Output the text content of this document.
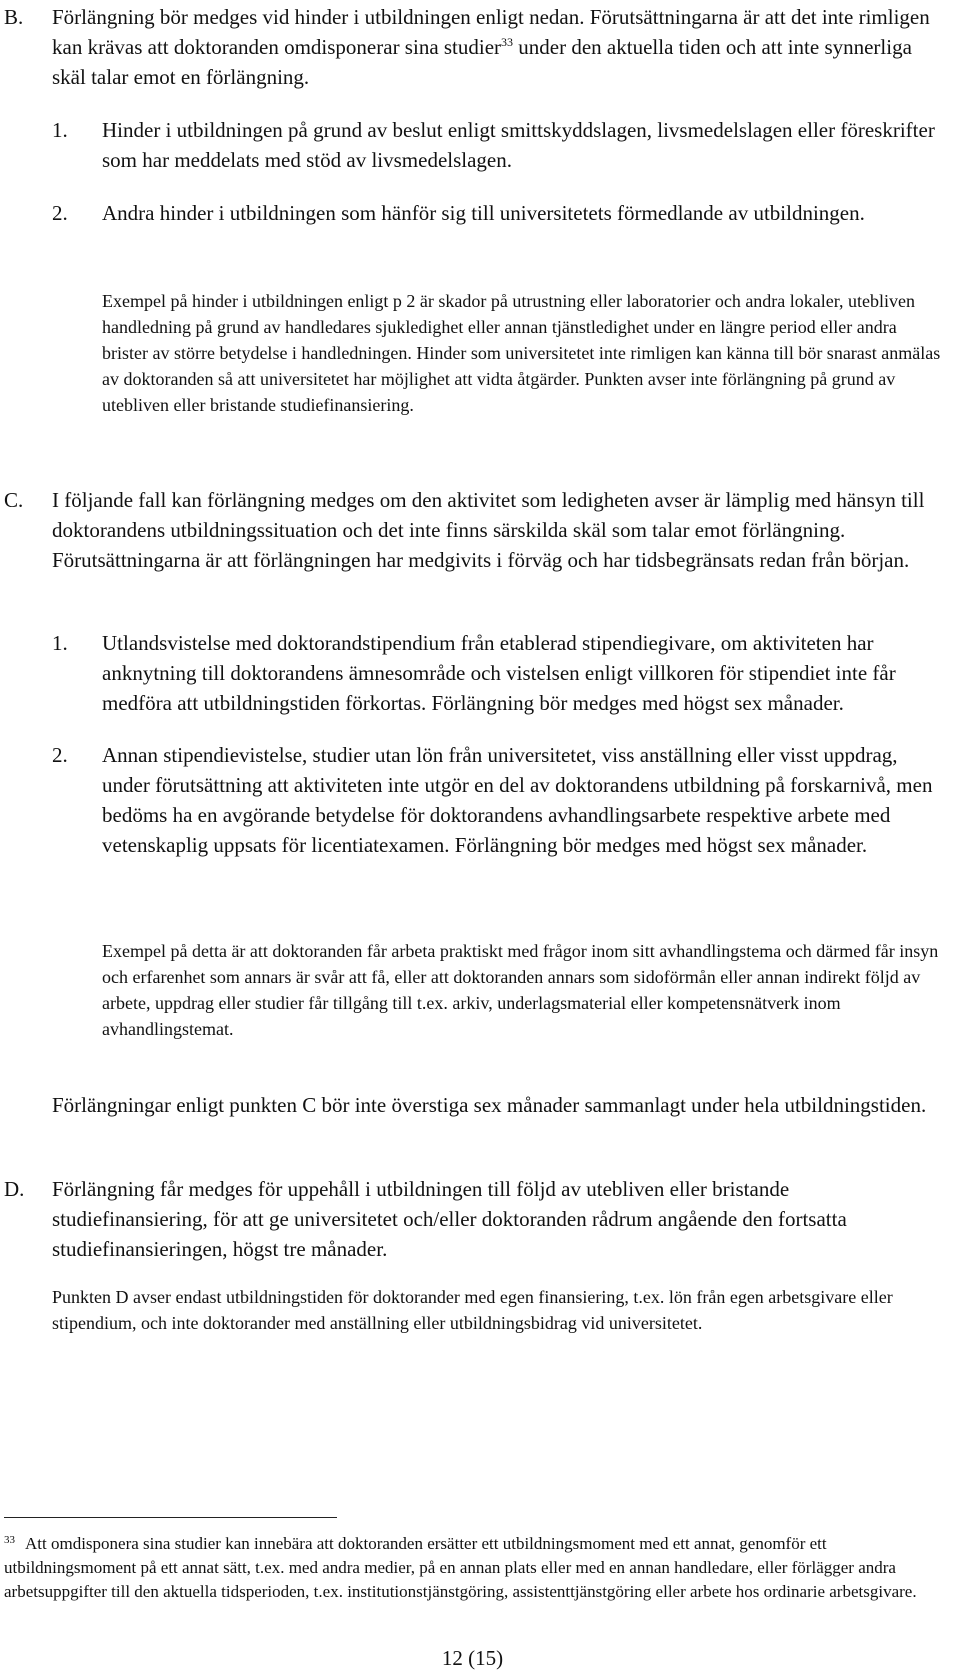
B. Förlängning bör medges vid hinder i utbildningen enligt nedan. Förutsättningarna är att det inte rimligen kan krävas att doktoranden omdisponerar sina studier$^{33}$ under den aktuella tiden och att inte synnerliga skäl talar emot en förlängning.
1. Hinder i utbildningen på grund av beslut enligt smittskyddslagen, livsmedelslagen eller föreskrifter som har meddelats med stöd av livsmedelslagen.
2. Andra hinder i utbildningen som hänför sig till universitetets förmedlande av utbildningen.
Exempel på hinder i utbildningen enligt p 2 är skador på utrustning eller laboratorier och andra lokaler, utebliven handledning på grund av handledares sjukledighet eller annan tjänstledighet under en längre period eller andra brister av större betydelse i handledningen. Hinder som universitetet inte rimligen kan känna till bör snarast anmälas av doktoranden så att universitetet har möjlighet att vidta åtgärder. Punkten avser inte förlängning på grund av utebliven eller bristande studiefinansiering.
C. I följande fall kan förlängning medges om den aktivitet som ledigheten avser är lämplig med hänsyn till doktorandens utbildningssituation och det inte finns särskilda skäl som talar emot förlängning. Förutsättningarna är att förlängningen har medgivits i förväg och har tidsbegränsats redan från början.
1. Utlandsvistelse med doktorandstipendium från etablerad stipendiegivare, om aktiviteten har anknytning till doktorandens ämnesområde och vistelsen enligt villkoren för stipendiet inte får medföra att utbildningstiden förkortas. Förlängning bör medges med högst sex månader.
2. Annan stipendievistelse, studier utan lön från universitetet, viss anställning eller visst uppdrag, under förutsättning att aktiviteten inte utgör en del av doktorandens utbildning på forskarnivå, men bedöms ha en avgörande betydelse för doktorandens avhandlingsarbete respektive arbete med vetenskaplig uppsats för licentiatexamen. Förlängning bör medges med högst sex månader.
Exempel på detta är att doktoranden får arbeta praktiskt med frågor inom sitt avhandlingstema och därmed får insyn och erfarenhet som annars är svår att få, eller att doktoranden annars som sidoförmån eller annan indirekt följd av arbete, uppdrag eller studier får tillgång till t.ex. arkiv, underlagsmaterial eller kompetensnätverk inom avhandlingstemat.
Förlängningar enligt punkten C bör inte överstiga sex månader sammanlagt under hela utbildningstiden.
D. Förlängning får medges för uppehåll i utbildningen till följd av utebliven eller bristande studiefinansiering, för att ge universitetet och/eller doktoranden rådrum angående den fortsatta studiefinansieringen, högst tre månader.
Punkten D avser endast utbildningstiden för doktorander med egen finansiering, t.ex. lön från egen arbetsgivare eller stipendium, och inte doktorander med anställning eller utbildningsbidrag vid universitetet.
$^{33}$ Att omdisponera sina studier kan innebära att doktoranden ersätter ett utbildningsmoment med ett annat, genomför ett utbildningsmoment på ett annat sätt, t.ex. med andra medier, på en annan plats eller med en annan handledare, eller förlägger andra arbetsuppgifter till den aktuella tidsperioden, t.ex. institutionstjänstgöring, assistenttjänstgöring eller arbete hos ordinarie arbetsgivare.
12 (15)
